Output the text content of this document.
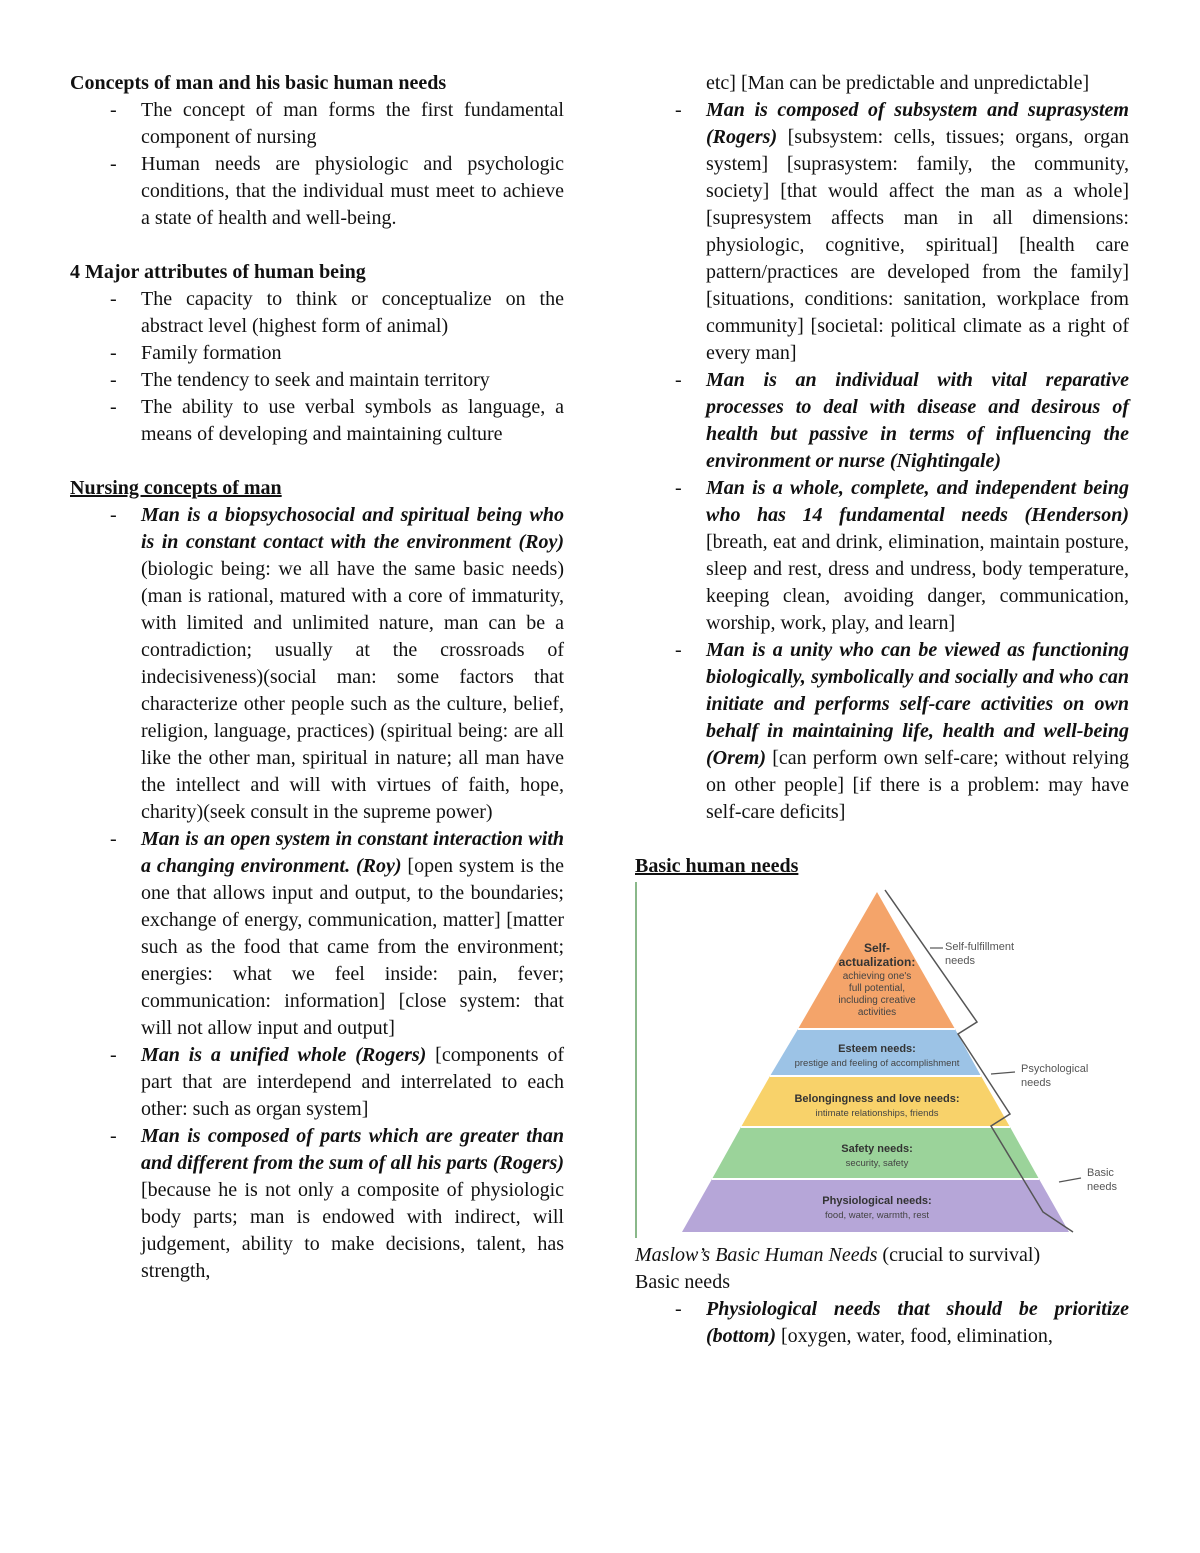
Concepts of man and his basic human needs
- The concept of man forms the first fundamental component of nursing
- Human needs are physiologic and psychologic conditions, that the individual must meet to achieve a state of health and well-being.
4 Major attributes of human being
- The capacity to think or conceptualize on the abstract level (highest form of animal)
- Family formation
- The tendency to seek and maintain territory
- The ability to use verbal symbols as language, a means of developing and maintaining culture
Nursing concepts of man
- Man is a biopsychosocial and spiritual being who is in constant contact with the environment (Roy) (biologic being: we all have the same basic needs) (man is rational, matured with a core of immaturity, with limited and unlimited nature, man can be a contradiction; usually at the crossroads of indecisiveness)(social man: some factors that characterize other people such as the culture, belief, religion, language, practices) (spiritual being: are all like the other man, spiritual in nature; all man have the intellect and will with virtues of faith, hope, charity)(seek consult in the supreme power)
- Man is an open system in constant interaction with a changing environment. (Roy) [open system is the one that allows input and output, to the boundaries; exchange of energy, communication, matter] [matter such as the food that came from the environment; energies: what we feel inside: pain, fever; communication: information] [close system: that will not allow input and output]
- Man is a unified whole (Rogers) [components of part that are interdepend and interrelated to each other: such as organ system]
- Man is composed of parts which are greater than and different from the sum of all his parts (Rogers) [because he is not only a composite of physiologic body parts; man is endowed with indirect, will judgement, ability to make decisions, talent, has strength,
etc] [Man can be predictable and unpredictable]
- Man is composed of subsystem and suprasystem (Rogers) [subsystem: cells, tissues; organs, organ system] [suprasystem: family, the community, society] [that would affect the man as a whole] [supresystem affects man in all dimensions: physiologic, cognitive, spiritual] [health care pattern/practices are developed from the family] [situations, conditions: sanitation, workplace from community] [societal: political climate as a right of every man]
- Man is an individual with vital reparative processes to deal with disease and desirous of health but passive in terms of influencing the environment or nurse (Nightingale)
- Man is a whole, complete, and independent being who has 14 fundamental needs (Henderson) [breath, eat and drink, elimination, maintain posture, sleep and rest, dress and undress, body temperature, keeping clean, avoiding danger, communication, worship, work, play, and learn]
- Man is a unity who can be viewed as functioning biologically, symbolically and socially and who can initiate and performs self-care activities on own behalf in maintaining life, health and well-being (Orem) [can perform own self-care; without relying on other people] [if there is a problem: may have self-care deficits]
Basic human needs
Self-
actualization:
achieving one's
full potential,
including creative
activities
Esteem needs:
prestige and feeling of accomplishment
Belongingness and love needs:
intimate relationships, friends
Safety needs:
security, safety
Physiological needs:
food, water, warmth, rest
Self-fulfillment
needs
Psychological
needs
Basic
needs
Maslow’s Basic Human Needs (crucial to survival)
Basic needs
- Physiological needs that should be prioritize (bottom) [oxygen, water, food, elimination,
